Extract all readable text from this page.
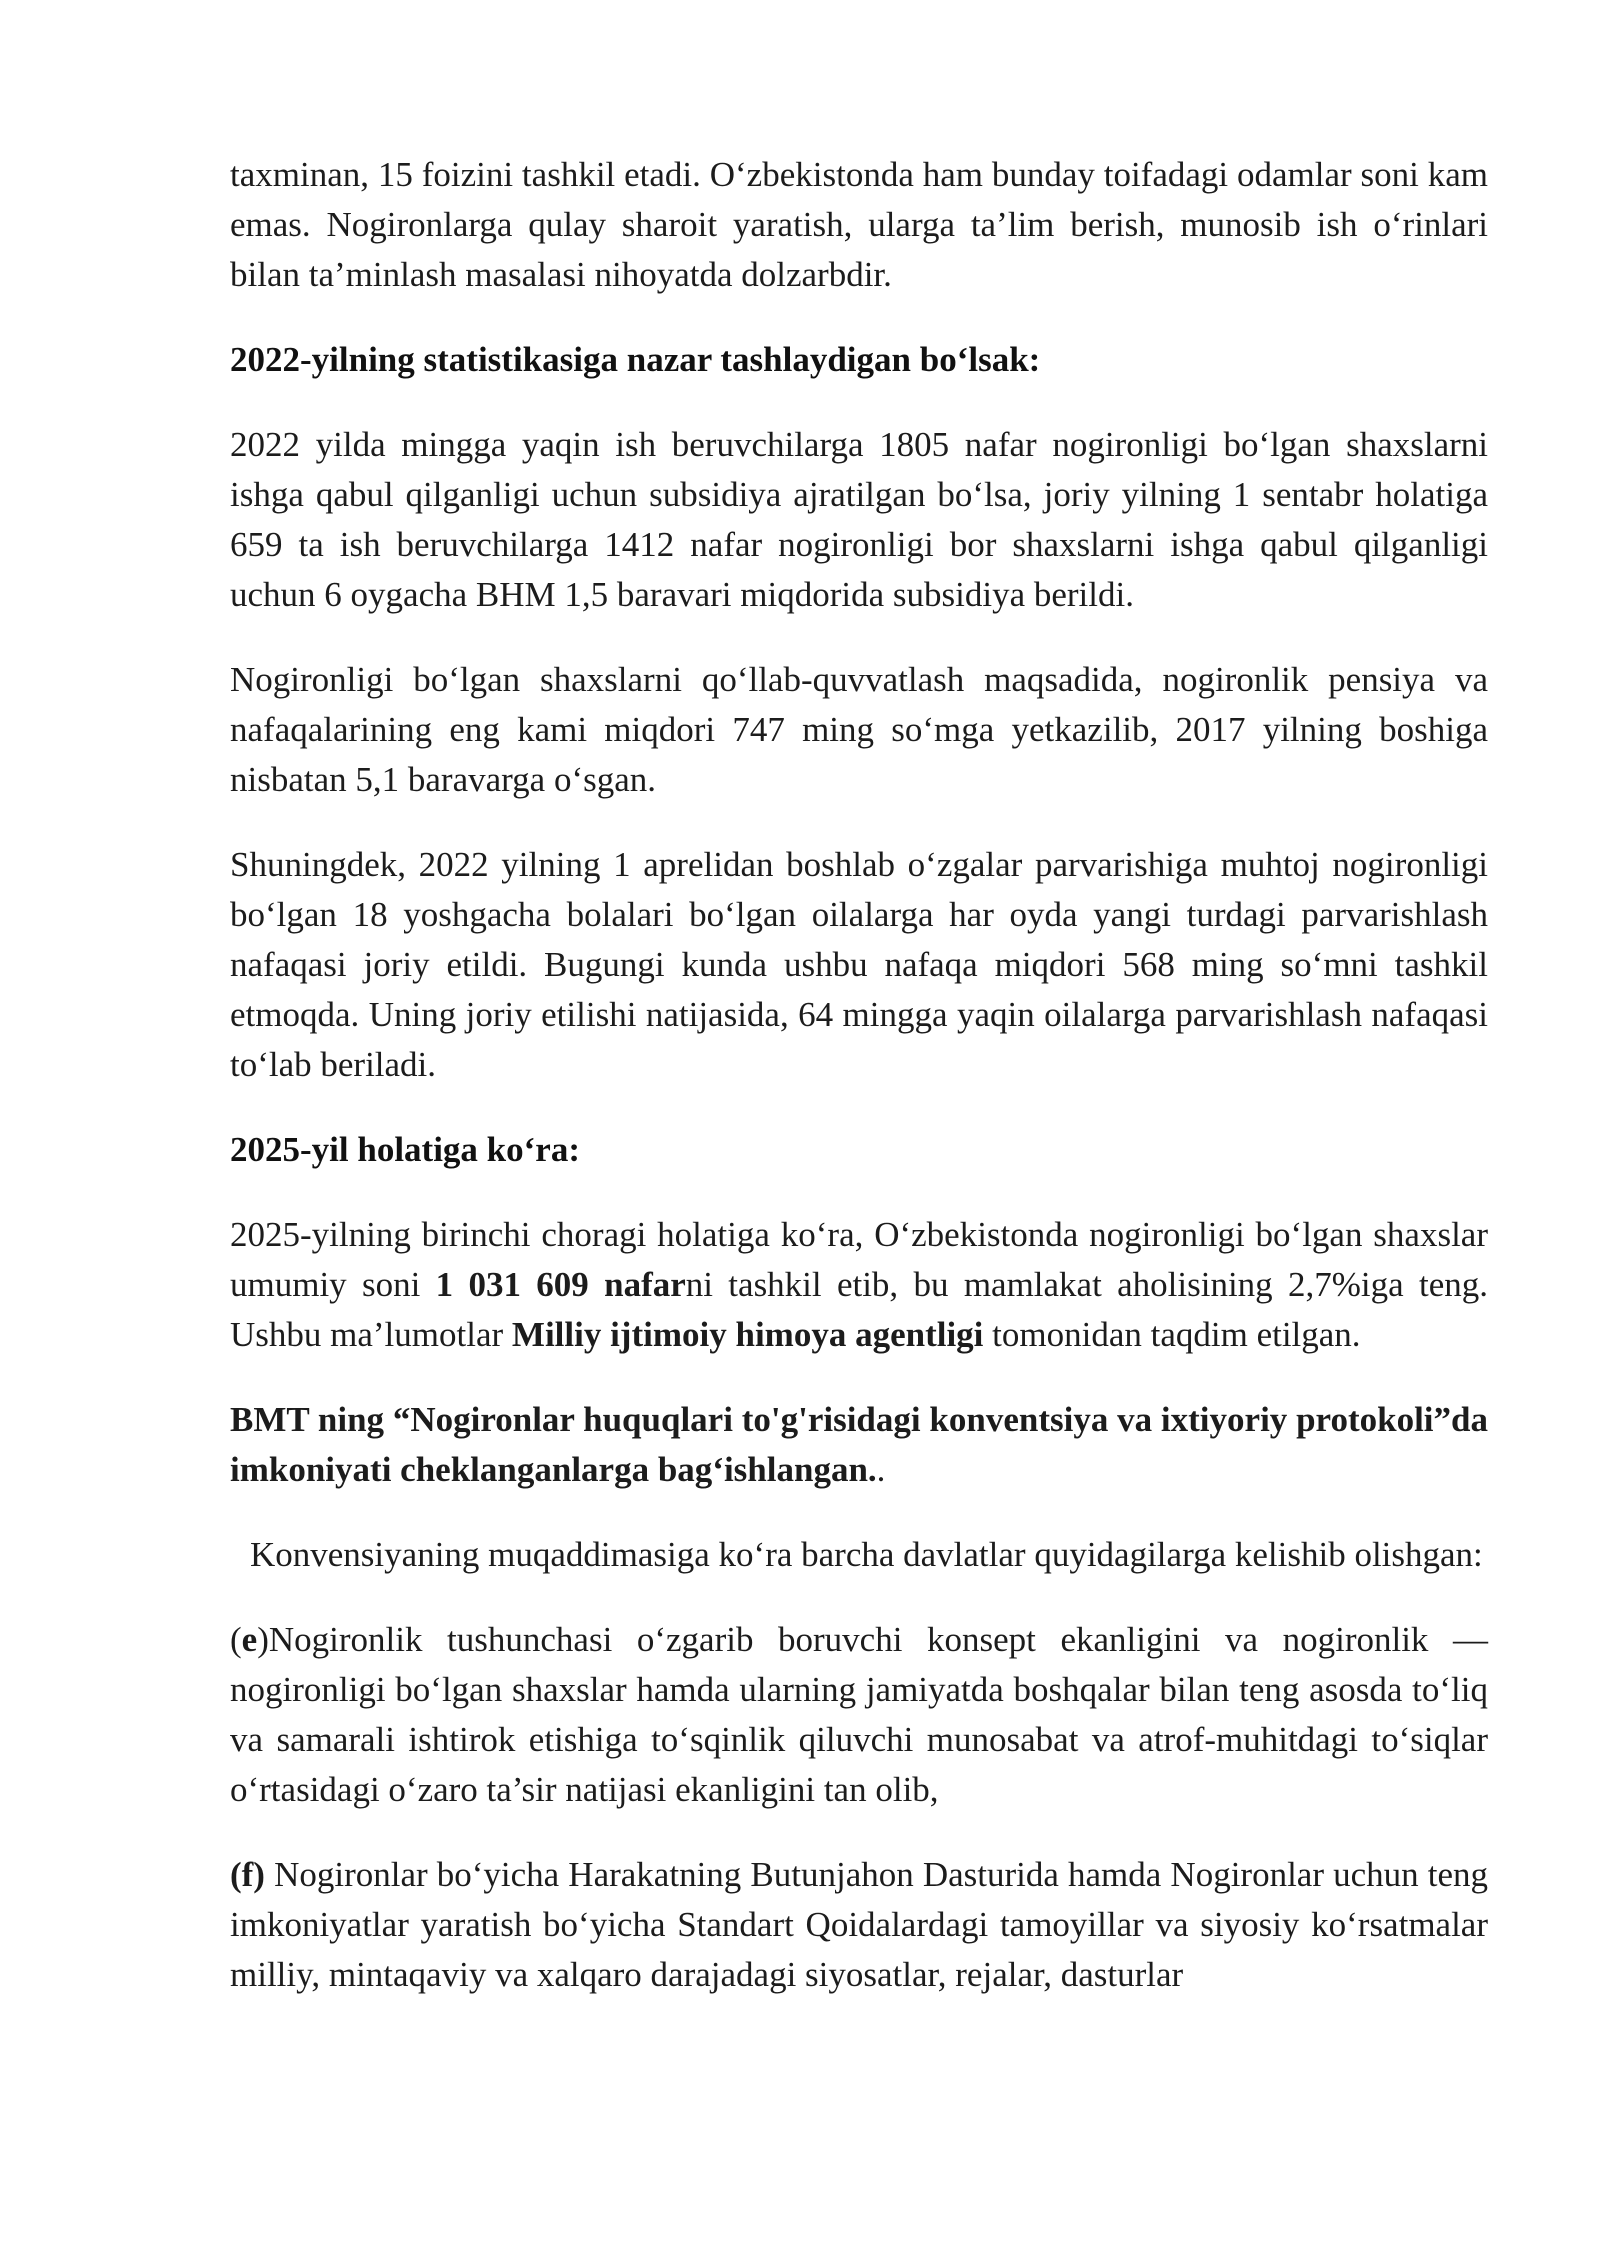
taxminan, 15 foizini tashkil etadi. O‘zbekistonda ham bunday toifadagi odamlar soni kam emas. Nogironlarga qulay sharoit yaratish, ularga ta’lim berish, munosib ish o‘rinlari bilan ta’minlash masalasi nihoyatda dolzarbdir.

2022-yilning statistikasiga nazar tashlaydigan bo‘lsak:

2022 yilda mingga yaqin ish beruvchilarga 1805 nafar nogironligi bo‘lgan shaxslarni ishga qabul qilganligi uchun subsidiya ajratilgan bo‘lsa, joriy yilning 1 sentabr holatiga 659 ta ish beruvchilarga 1412 nafar nogironligi bor shaxslarni ishga qabul qilganligi uchun 6 oygacha BHM 1,5 baravari miqdorida subsidiya berildi.

Nogironligi bo‘lgan shaxslarni qo‘llab-quvvatlash maqsadida, nogironlik pensiya va nafaqalarining eng kami miqdori 747 ming so‘mga yetkazilib, 2017 yilning boshiga nisbatan 5,1 baravarga o‘sgan.

Shuningdek, 2022 yilning 1 aprelidan boshlab o‘zgalar parvarishiga muhtoj nogironligi bo‘lgan 18 yoshgacha bolalari bo‘lgan oilalarga har oyda yangi turdagi parvarishlash nafaqasi joriy etildi. Bugungi kunda ushbu nafaqa miqdori 568 ming so‘mni tashkil etmoqda. Uning joriy etilishi natijasida, 64 mingga yaqin oilalarga parvarishlash nafaqasi to‘lab beriladi.

2025-yil holatiga ko‘ra:

2025-yilning birinchi choragi holatiga ko‘ra, O‘zbekistonda nogironligi bo‘lgan shaxslar umumiy soni 1 031 609 nafarni tashkil etib, bu mamlakat aholisining 2,7%iga teng. Ushbu ma’lumotlar Milliy ijtimoiy himoya agentligi tomonidan taqdim etilgan.

BMT ning “Nogironlar huquqlari to'g'risidagi konventsiya va ixtiyoriy protokoli”da imkoniyati cheklanganlarga bag‘ishlangan..

Konvensiyaning muqaddimasiga ko‘ra barcha davlatlar quyidagilarga kelishib olishgan:

(e)Nogironlik tushunchasi o‘zgarib boruvchi konsept ekanligini va nogironlik — nogironligi bo‘lgan shaxslar hamda ularning jamiyatda boshqalar bilan teng asosda to‘liq va samarali ishtirok etishiga to‘sqinlik qiluvchi munosabat va atrof-muhitdagi to‘siqlar o‘rtasidagi o‘zaro ta’sir natijasi ekanligini tan olib,

(f) Nogironlar bo‘yicha Harakatning Butunjahon Dasturida hamda Nogironlar uchun teng imkoniyatlar yaratish bo‘yicha Standart Qoidalardagi tamoyillar va siyosiy ko‘rsatmalar milliy, mintaqaviy va xalqaro darajadagi siyosatlar, rejalar, dasturlar
